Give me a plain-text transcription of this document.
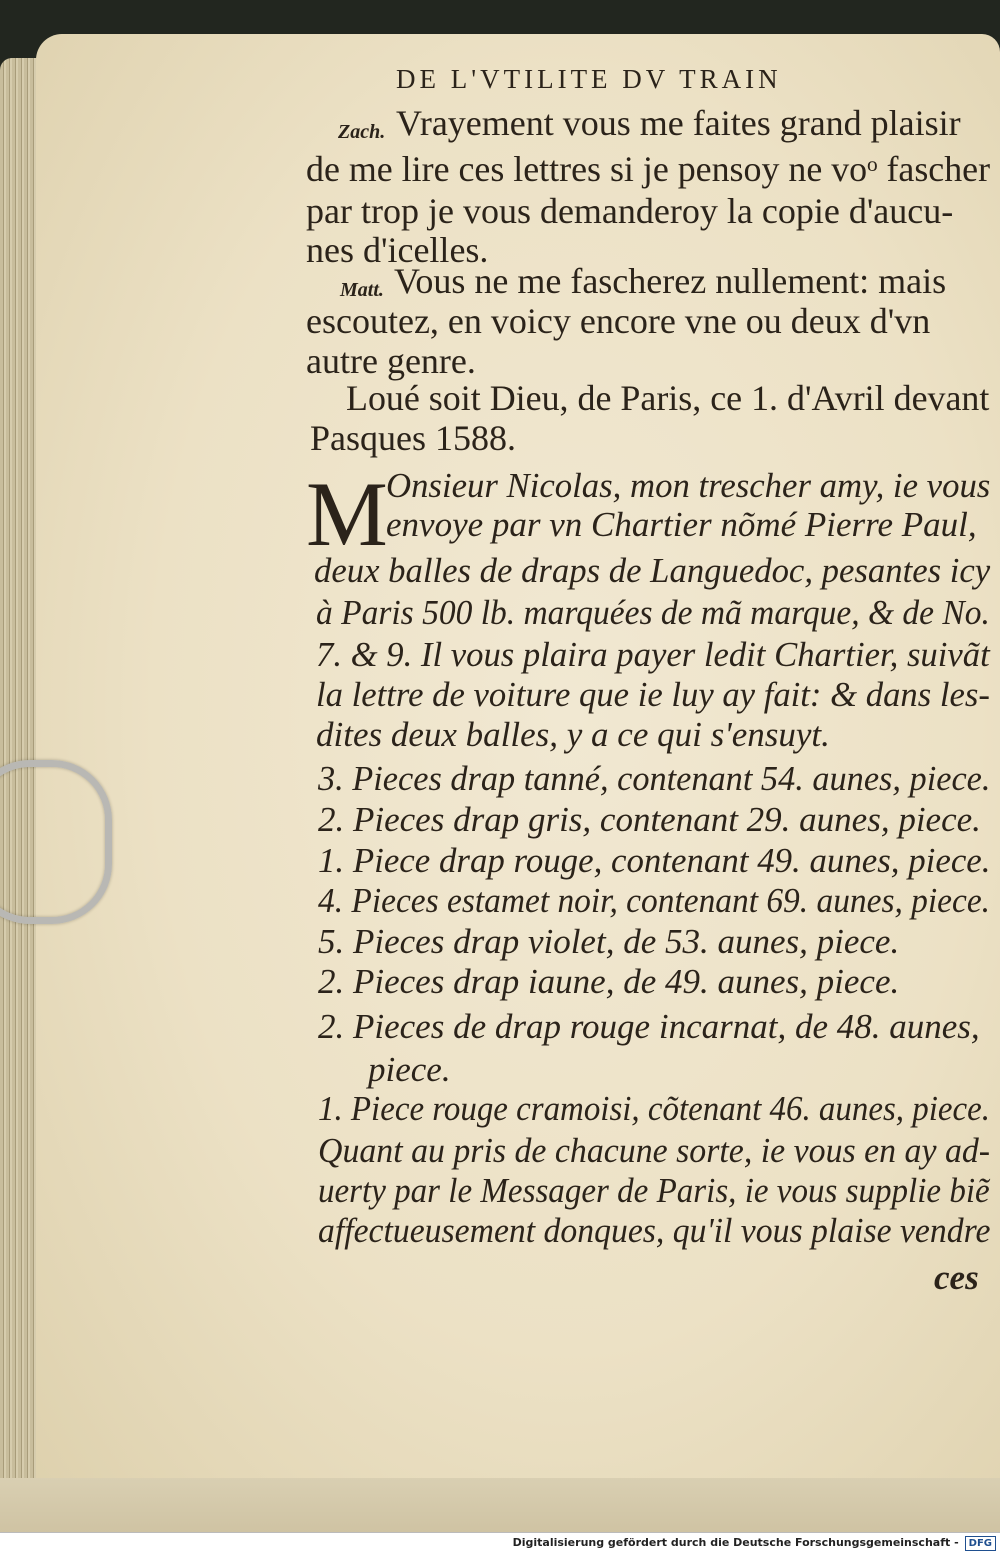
DE L'VTILITE DV TRAIN
Zach. Vrayement vous me faites grand plaisir
de me lire ces lettres si je pensoy ne voᵒ fascher
par trop je vous demanderoy la copie d'aucu-
nes d'icelles.
Matt. Vous ne me fascherez nullement: mais
escoutez, en voicy encore vne ou deux d'vn
autre genre.
Loué soit Dieu, de Paris, ce 1. d'Avril devant
Pasques 1588.
M
Onsieur Nicolas, mon trescher amy, ie vous
envoye par vn Chartier nõmé Pierre Paul,
deux balles de draps de Languedoc, pesantes icy
à Paris 500 lb. marquées de mã marque, & de No.
7. & 9. Il vous plaira payer ledit Chartier, suivãt
la lettre de voiture que ie luy ay fait: & dans les-
dites deux balles, y a ce qui s'ensuyt.
3. Pieces drap tanné, contenant 54. aunes, piece.
2. Pieces drap gris, contenant 29. aunes, piece.
1. Piece drap rouge, contenant 49. aunes, piece.
4. Pieces estamet noir, contenant 69. aunes, piece.
5. Pieces drap violet, de 53. aunes, piece.
2. Pieces drap iaune, de 49. aunes, piece.
2. Pieces de drap rouge incarnat, de 48. aunes,
piece.
1. Piece rouge cramoisi, cõtenant 46. aunes, piece.
Quant au pris de chacune sorte, ie vous en ay ad-
uerty par le Messager de Paris, ie vous supplie biẽ
affectueusement donques, qu'il vous plaise vendre
ces
Digitalisierung gefördert durch die Deutsche Forschungsgemeinschaft - DFG
